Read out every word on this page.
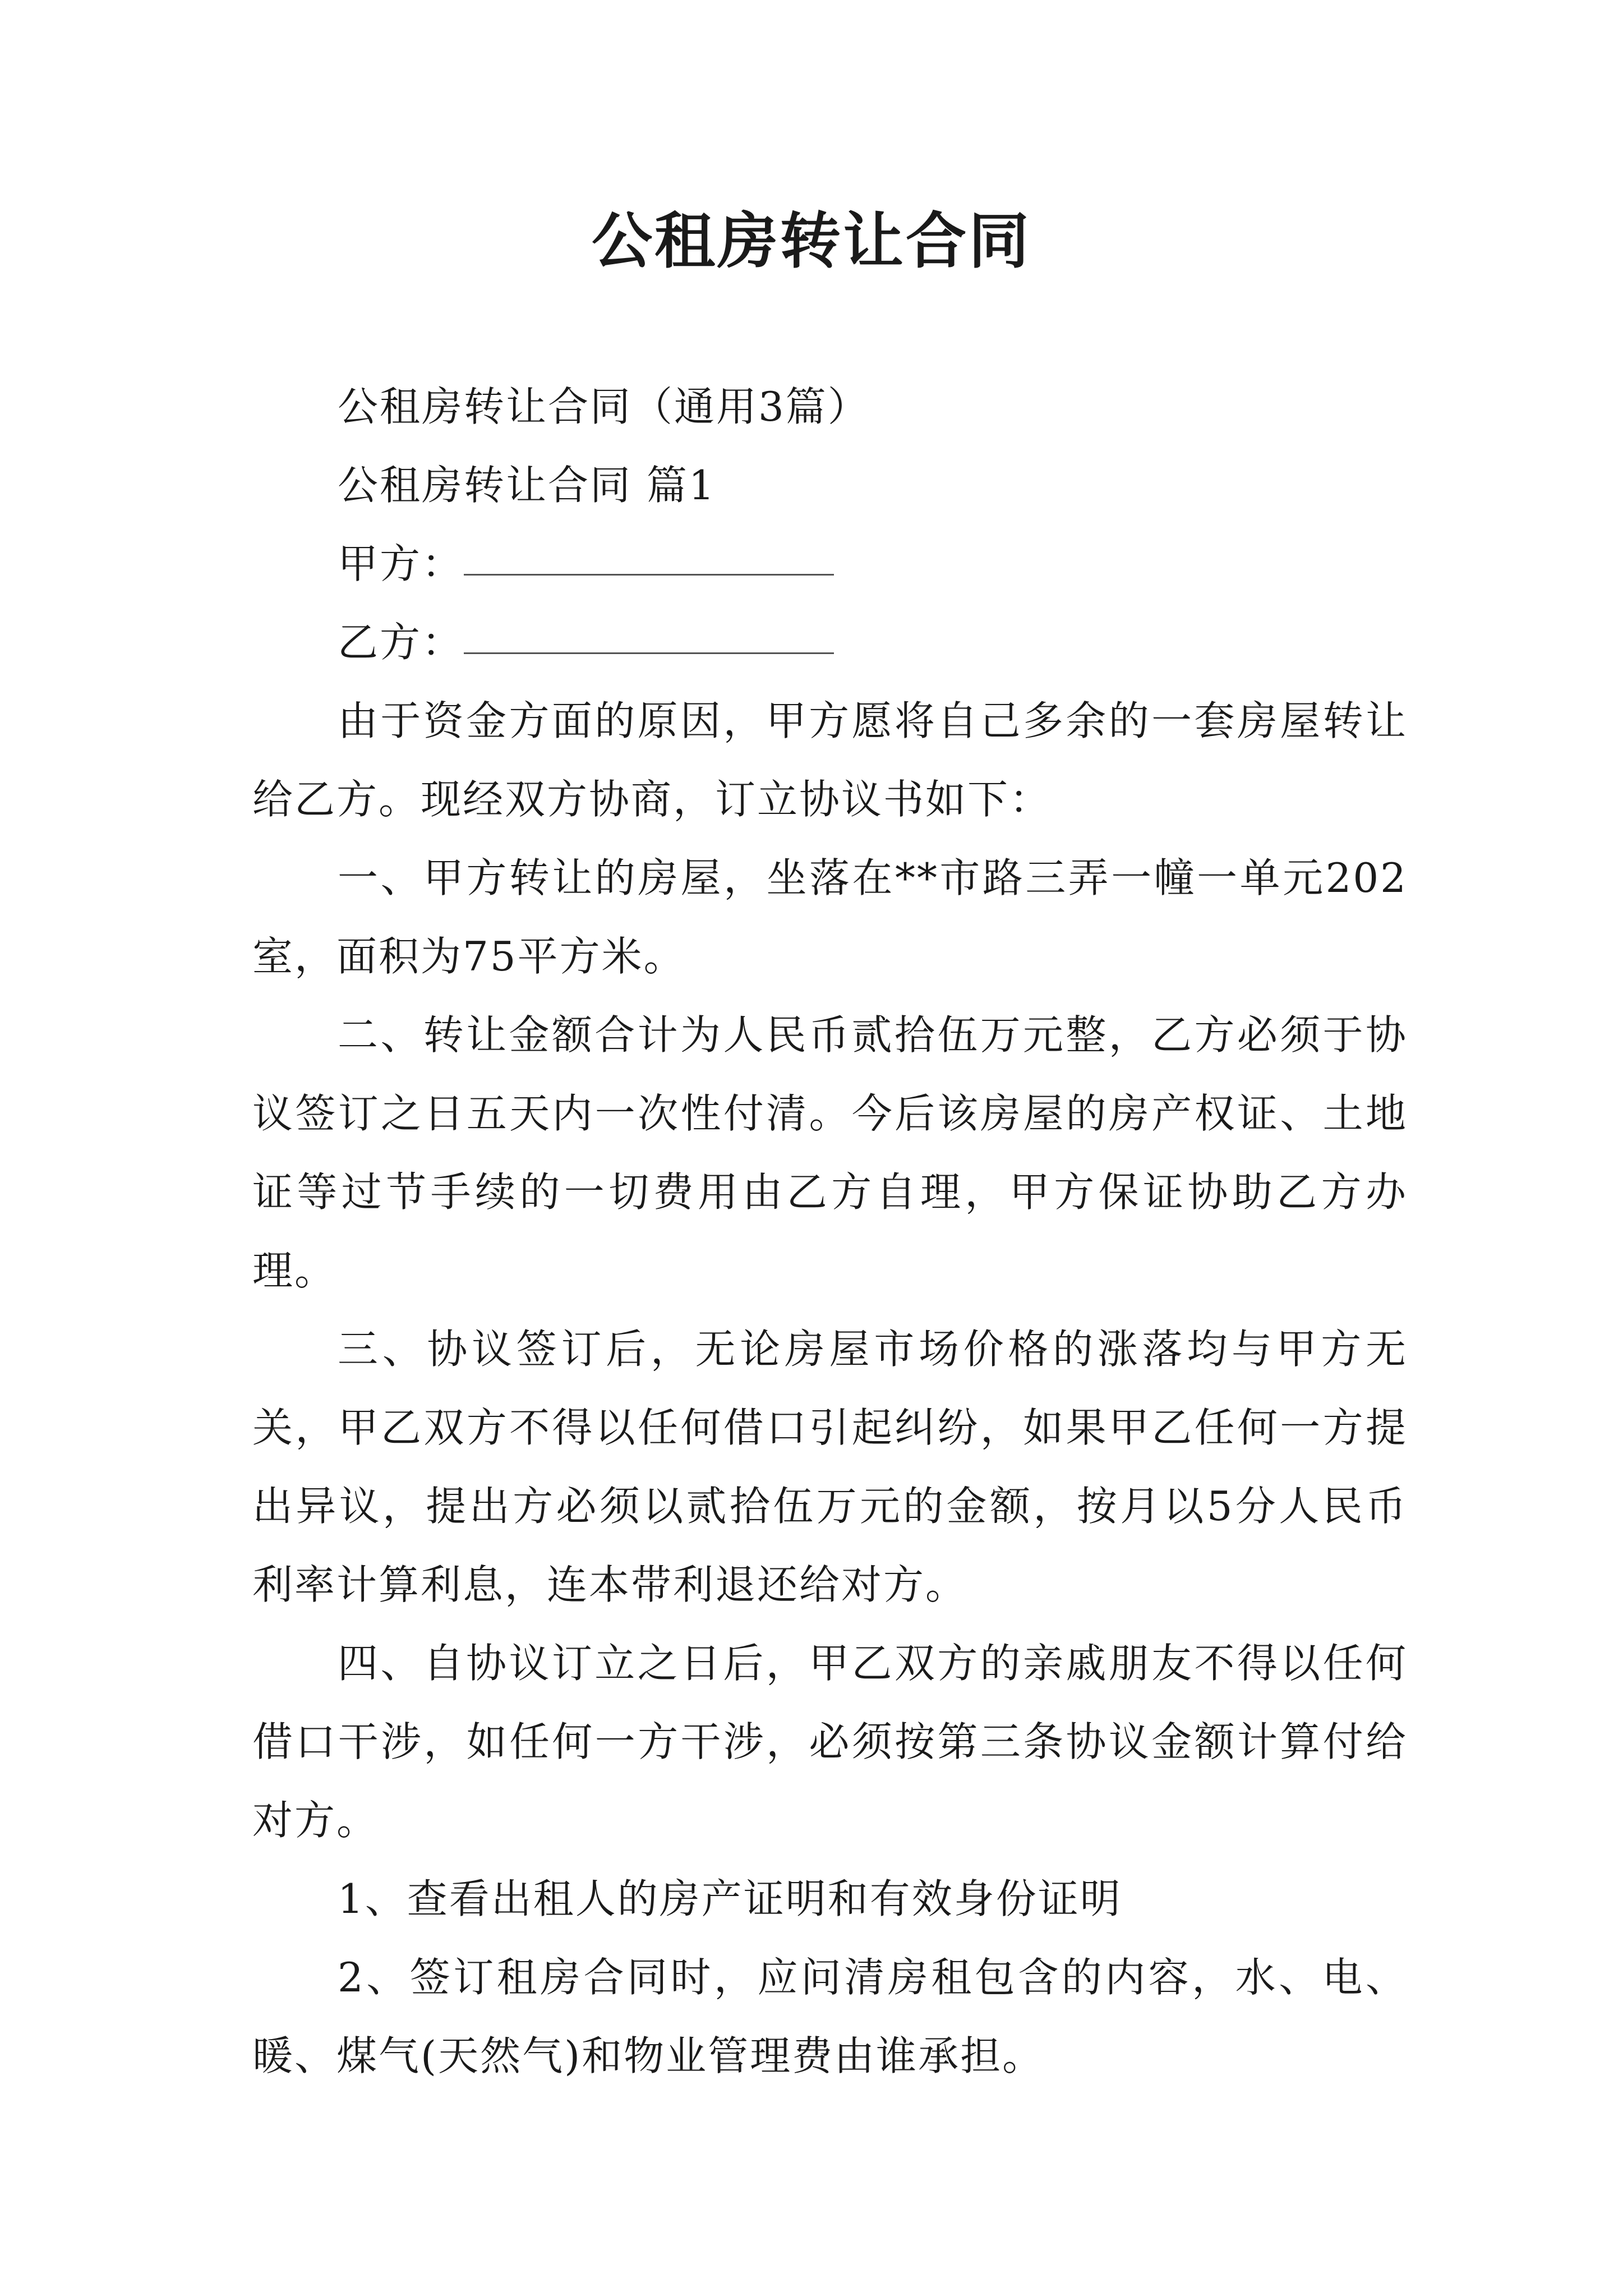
公租房转让合同

公租房转让合同（通用3篇）

公租房转让合同 篇1

甲方：

乙方：

由于资金方面的原因，甲方愿将自己多余的一套房屋转让给乙方。现经双方协商，订立协议书如下：

一、甲方转让的房屋，坐落在**市路三弄一幢一单元202室，面积为75平方米。

二、转让金额合计为人民币贰拾伍万元整，乙方必须于协议签订之日五天内一次性付清。今后该房屋的房产权证、土地证等过节手续的一切费用由乙方自理，甲方保证协助乙方办理。

三、协议签订后，无论房屋市场价格的涨落均与甲方无关，甲乙双方不得以任何借口引起纠纷，如果甲乙任何一方提出异议，提出方必须以贰拾伍万元的金额，按月以5分人民币利率计算利息，连本带利退还给对方。

四、自协议订立之日后，甲乙双方的亲戚朋友不得以任何借口干涉，如任何一方干涉，必须按第三条协议金额计算付给对方。

1、查看出租人的房产证明和有效身份证明

2、签订租房合同时，应问清房租包含的内容，水、电、暖、煤气(天然气)和物业管理费由谁承担。
